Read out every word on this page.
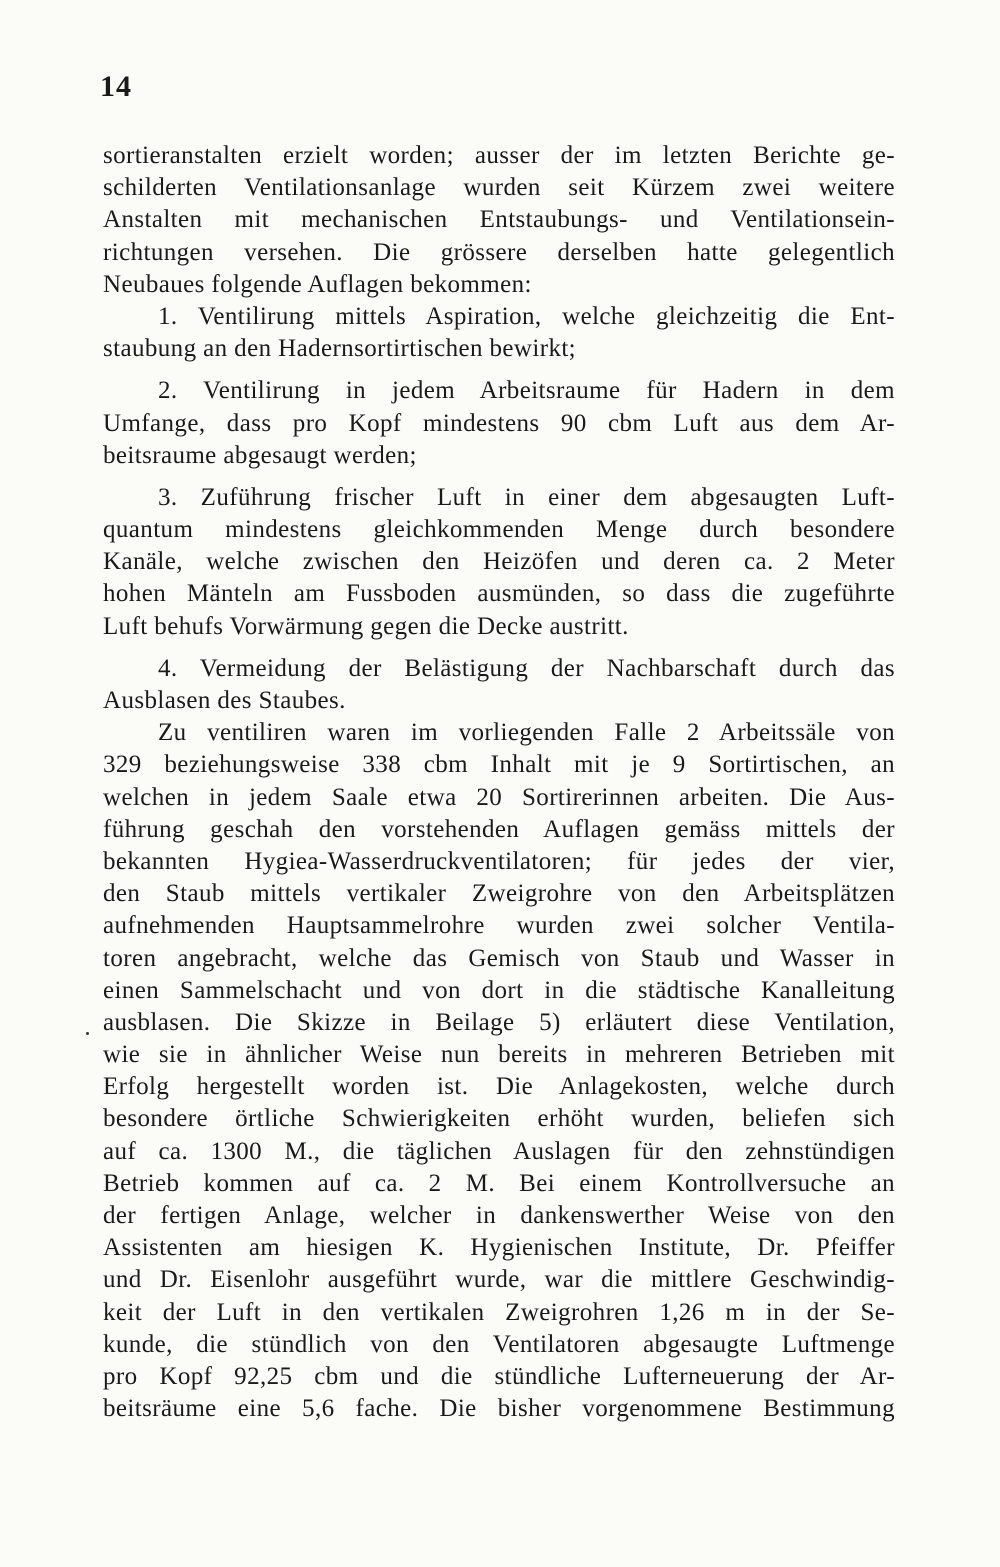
14
sortieranstalten erzielt worden; ausser der im letzten Berichte ge-
schilderten Ventilationsanlage wurden seit Kürzem zwei weitere
Anstalten mit mechanischen Entstaubungs- und Ventilationsein-
richtungen versehen. Die grössere derselben hatte gelegentlich
Neubaues folgende Auflagen bekommen:
1. Ventilirung mittels Aspiration, welche gleichzeitig die Ent-
staubung an den Hadernsortirtischen bewirkt;
2. Ventilirung in jedem Arbeitsraume für Hadern in dem
Umfange, dass pro Kopf mindestens 90 cbm Luft aus dem Ar-
beitsraume abgesaugt werden;
3. Zuführung frischer Luft in einer dem abgesaugten Luft-
quantum mindestens gleichkommenden Menge durch besondere
Kanäle, welche zwischen den Heizöfen und deren ca. 2 Meter
hohen Mänteln am Fussboden ausmünden, so dass die zugeführte
Luft behufs Vorwärmung gegen die Decke austritt.
4. Vermeidung der Belästigung der Nachbarschaft durch das
Ausblasen des Staubes.
Zu ventiliren waren im vorliegenden Falle 2 Arbeitssäle von
329 beziehungsweise 338 cbm Inhalt mit je 9 Sortirtischen, an
welchen in jedem Saale etwa 20 Sortirerinnen arbeiten. Die Aus-
führung geschah den vorstehenden Auflagen gemäss mittels der
bekannten Hygiea-Wasserdruckventilatoren; für jedes der vier,
den Staub mittels vertikaler Zweigrohre von den Arbeitsplätzen
aufnehmenden Hauptsammelrohre wurden zwei solcher Ventila-
toren angebracht, welche das Gemisch von Staub und Wasser in
einen Sammelschacht und von dort in die städtische Kanalleitung
ausblasen. Die Skizze in Beilage 5) erläutert diese Ventilation,
wie sie in ähnlicher Weise nun bereits in mehreren Betrieben mit
Erfolg hergestellt worden ist. Die Anlagekosten, welche durch
besondere örtliche Schwierigkeiten erhöht wurden, beliefen sich
auf ca. 1300 M., die täglichen Auslagen für den zehnstündigen
Betrieb kommen auf ca. 2 M. Bei einem Kontrollversuche an
der fertigen Anlage, welcher in dankenswerther Weise von den
Assistenten am hiesigen K. Hygienischen Institute, Dr. Pfeiffer
und Dr. Eisenlohr ausgeführt wurde, war die mittlere Geschwindig-
keit der Luft in den vertikalen Zweigrohren 1,26 m in der Se-
kunde, die stündlich von den Ventilatoren abgesaugte Luftmenge
pro Kopf 92,25 cbm und die stündliche Lufterneuerung der Ar-
beitsräume eine 5,6 fache. Die bisher vorgenommene Bestimmung
